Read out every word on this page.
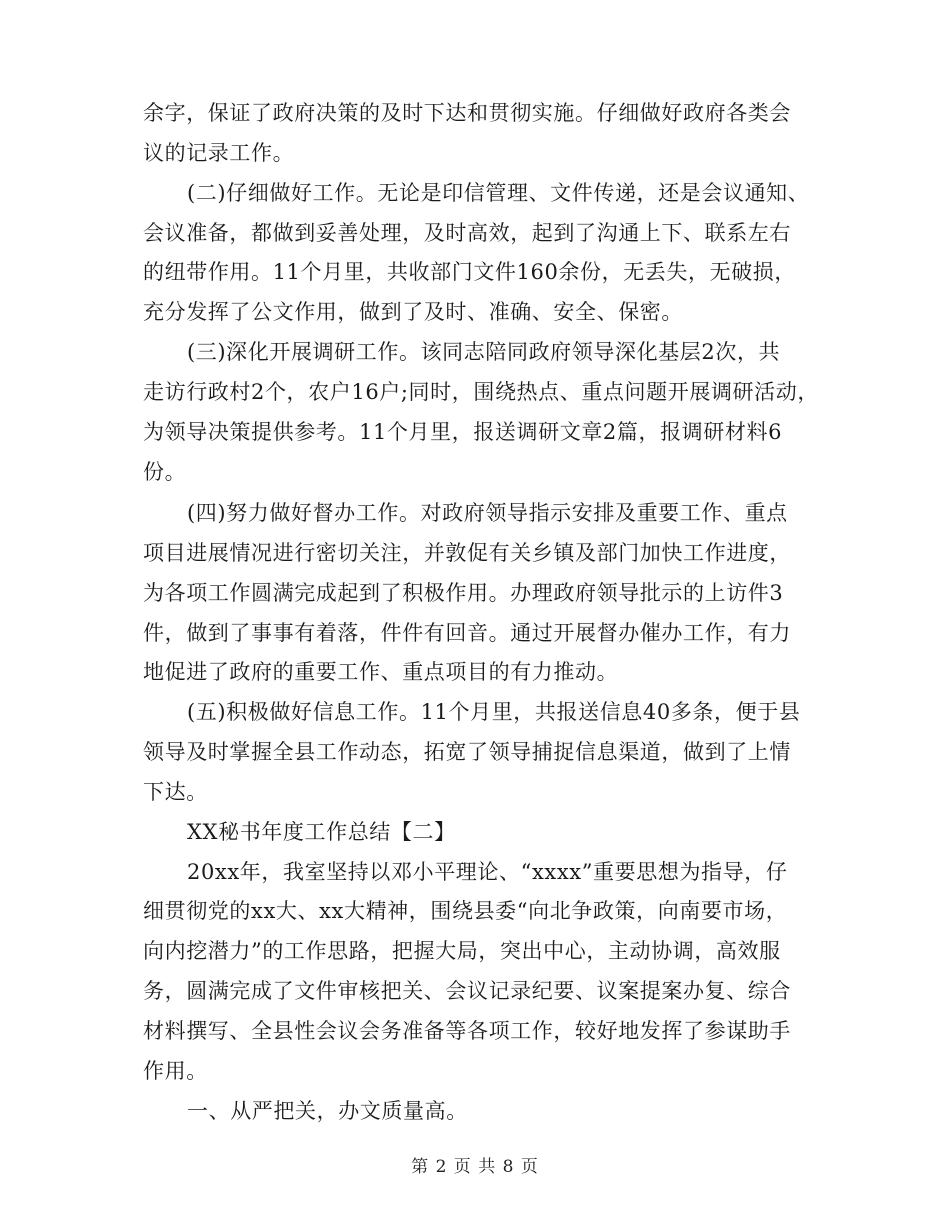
余字，保证了政府决策的及时下达和贯彻实施。仔细做好政府各类会
议的记录工作。
(二)仔细做好工作。无论是印信管理、文件传递，还是会议通知、
会议准备，都做到妥善处理，及时高效，起到了沟通上下、联系左右
的纽带作用。11个月里，共收部门文件160余份，无丢失，无破损，
充分发挥了公文作用，做到了及时、准确、安全、保密。
(三)深化开展调研工作。该同志陪同政府领导深化基层2次，共
走访行政村2个，农户16户;同时，围绕热点、重点问题开展调研活动，
为领导决策提供参考。11个月里，报送调研文章2篇，报调研材料6
份。
(四)努力做好督办工作。对政府领导指示安排及重要工作、重点
项目进展情况进行密切关注，并敦促有关乡镇及部门加快工作进度，
为各项工作圆满完成起到了积极作用。办理政府领导批示的上访件3
件，做到了事事有着落，件件有回音。通过开展督办催办工作，有力
地促进了政府的重要工作、重点项目的有力推动。
(五)积极做好信息工作。11个月里，共报送信息40多条，便于县
领导及时掌握全县工作动态，拓宽了领导捕捉信息渠道，做到了上情
下达。
XX秘书年度工作总结【二】
20xx年，我室坚持以邓小平理论、“xxxx”重要思想为指导，仔
细贯彻党的xx大、xx大精神，围绕县委“向北争政策，向南要市场，
向内挖潜力”的工作思路，把握大局，突出中心，主动协调，高效服
务，圆满完成了文件审核把关、会议记录纪要、议案提案办复、综合
材料撰写、全县性会议会务准备等各项工作，较好地发挥了参谋助手
作用。
一、从严把关，办文质量高。
第 2 页 共 8 页
